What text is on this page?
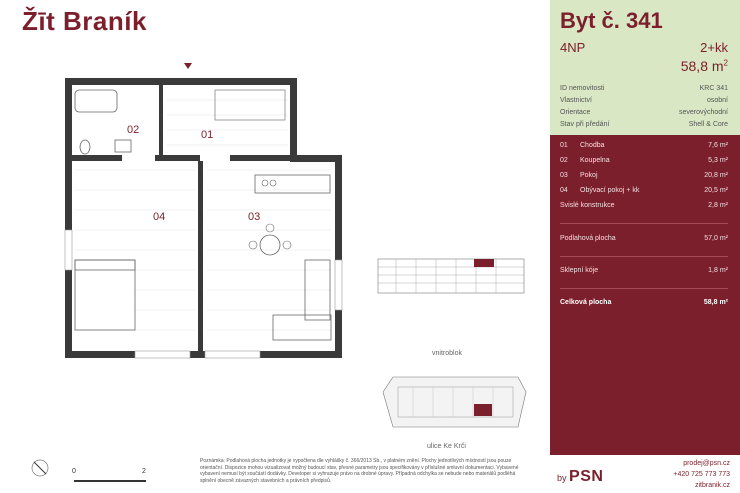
Žīt Braník
01
02
03
04
vnitroblok
ulice Ke Krči
0	2
Poznámka: Podlahová plocha jednotky je vypočtena dle vyhlášky č. 366/2013 Sb., v platném znění. Plochy jednotlivých místností jsou pouze orientační. Dispozice mohou vizualizovat možný budoucí stav, přesné parametry jsou specifikovány v příslušné smluvní dokumentaci. Vybavené vybavení nemusí být součástí dodávky. Developer si vyhrazuje právo na drobné úpravy. Případná odchylka se nebude nebo materiálů podléhá splnění obecně závazných stavebních a právních předpisů.
Byt č. 341
4NP	2+kk
58,8 $m^2$
ID nemovitosti	KRC 341
Vlastnictví	osobní
Orientace	severovýchodní
Stav při předání	Shell & Core
01	Chodba	7,6 m²
02	Koupelna	5,3 m²
03	Pokoj	20,8 m²
04	Obývací pokoj + kk	20,5 m²
Svislé konstrukce	2,8 m²
Podlahová plocha	57,0 m²
Sklepní kóje	1,8 m²
Celková plocha	58,8 m²
by PSN
prodej@psn.cz
+420 725 773 773
zitbranik.cz
